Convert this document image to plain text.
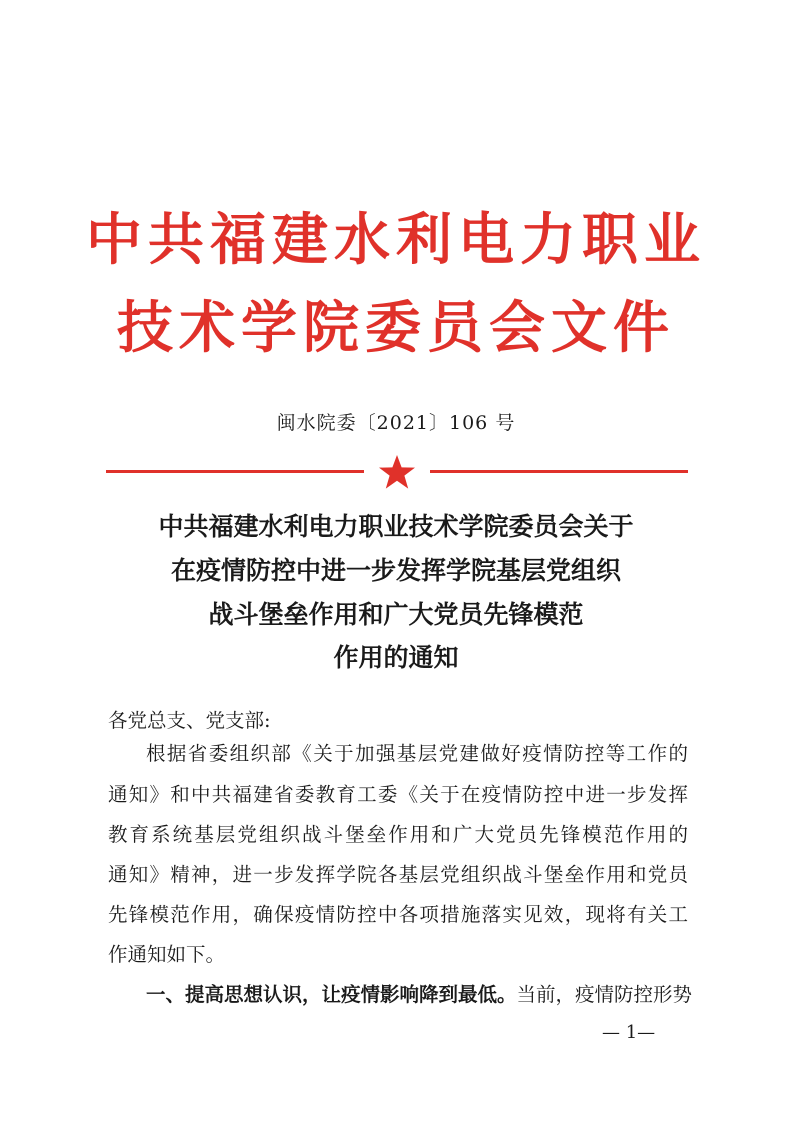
中共福建水利电力职业
技术学院委员会文件
闽水院委〔2021〕106 号
中共福建水利电力职业技术学院委员会关于
在疫情防控中进一步发挥学院基层党组织
战斗堡垒作用和广大党员先锋模范
作用的通知
各党总支、党支部:
根据省委组织部《关于加强基层党建做好疫情防控等工作的
通知》和中共福建省委教育工委《关于在疫情防控中进一步发挥
教育系统基层党组织战斗堡垒作用和广大党员先锋模范作用的
通知》精神，进一步发挥学院各基层党组织战斗堡垒作用和党员
先锋模范作用，确保疫情防控中各项措施落实见效，现将有关工
作通知如下。
一、提高思想认识，让疫情影响降到最低。当前，疫情防控形势
— 1—
